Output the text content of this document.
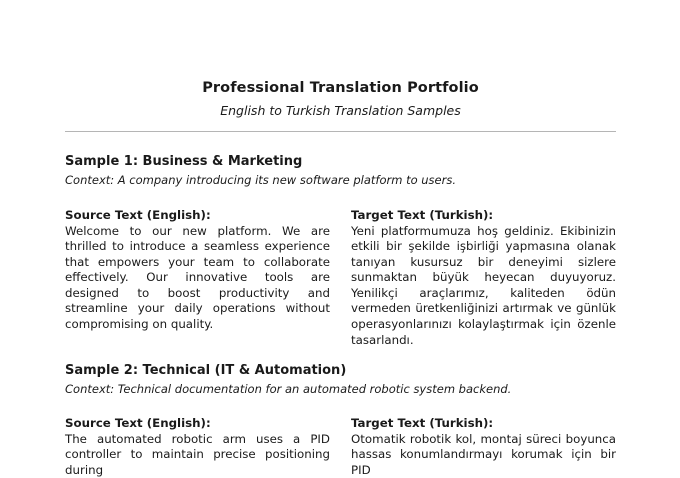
Professional Translation Portfolio
English to Turkish Translation Samples

Sample 1: Business & Marketing

Context: A company introducing its new software platform to users.

Source Text (English):

Welcome to our new platform. We are thrilled to introduce a seamless experience that empowers your team to collaborate effectively. Our innovative tools are designed to boost productivity and streamline your daily operations without compromising on quality.

Target Text (Turkish):

Yeni platformumuza hoş geldiniz. Ekibinizin etkili bir şekilde işbirliği yapmasına olanak tanıyan kusursuz bir deneyimi sizlere sunmaktan büyük heyecan duyuyoruz. Yenilikçi araçlarımız, kaliteden ödün vermeden üretkenliğinizi artırmak ve günlük operasyonlarınızı kolaylaştırmak için özenle tasarlandı.

Sample 2: Technical (IT & Automation)

Context: Technical documentation for an automated robotic system backend.

Source Text (English):

The automated robotic arm uses a PID controller to maintain precise positioning during

Target Text (Turkish):

Otomatik robotik kol, montaj süreci boyunca hassas konumlandırmayı korumak için bir PID
